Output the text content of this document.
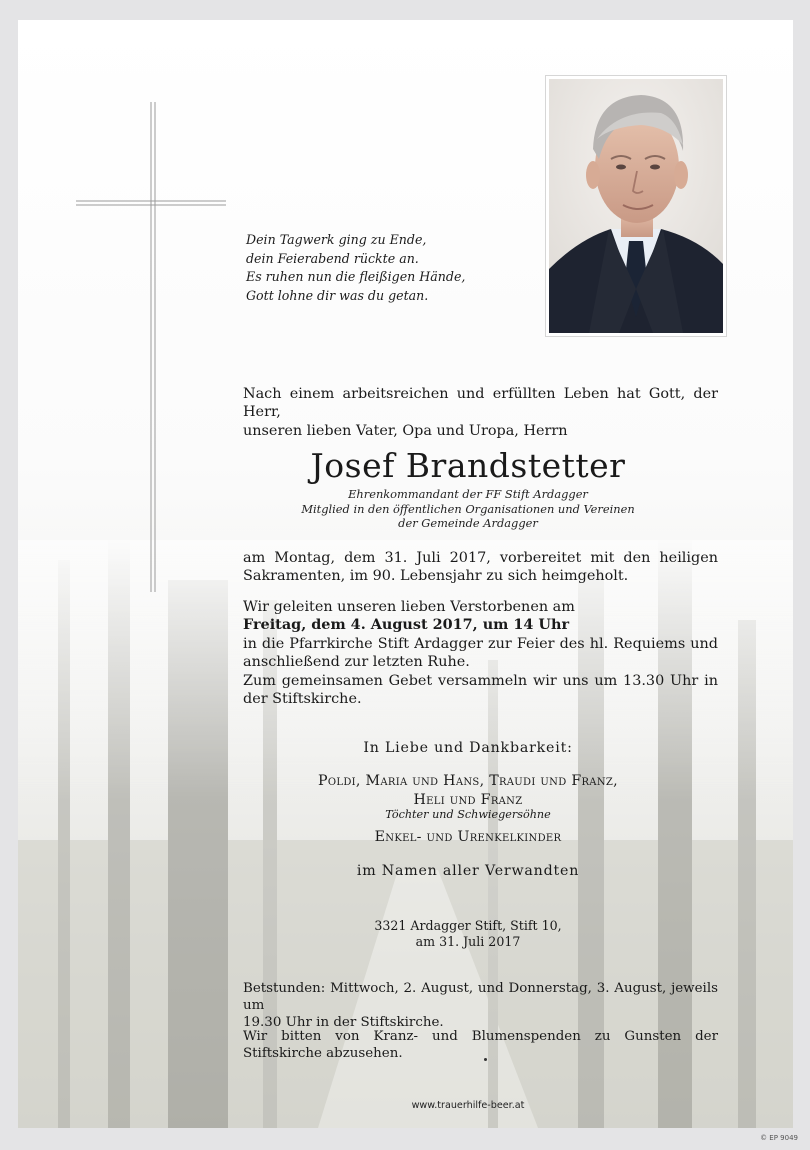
Dein Tagwerk ging zu Ende,
dein Feierabend rückte an.
Es ruhen nun die fleißigen Hände,
Gott lohne dir was du getan.
Nach einem arbeitsreichen und erfüllten Leben hat Gott, der Herr,
unseren lieben Vater, Opa und Uropa, Herrn
Josef Brandstetter
Ehrenkommandant der FF Stift Ardagger
Mitglied in den öffentlichen Organisationen und Vereinen
der Gemeinde Ardagger
am Montag, dem 31. Juli 2017, vorbereitet mit den heiligen
Sakramenten, im 90. Lebensjahr zu sich heimgeholt.
Wir geleiten unseren lieben Verstorbenen am
Freitag, dem 4. August 2017, um 14 Uhr
in die Pfarrkirche Stift Ardagger zur Feier des hl. Requiems und
anschließend zur letzten Ruhe.
Zum gemeinsamen Gebet versammeln wir uns um 13.30 Uhr in
der Stiftskirche.
In Liebe und Dankbarkeit:
Poldi, Maria und Hans, Traudi und Franz,
Heli und Franz
Töchter und Schwiegersöhne
Enkel- und Urenkelkinder
im Namen aller Verwandten
3321 Ardagger Stift, Stift 10,
am 31. Juli 2017
Betstunden: Mittwoch, 2. August, und Donnerstag, 3. August, jeweils um
19.30 Uhr in der Stiftskirche.
Wir bitten von Kranz- und Blumenspenden zu Gunsten der
Stiftskirche abzusehen.
www.trauerhilfe-beer.at
© EP 9049
